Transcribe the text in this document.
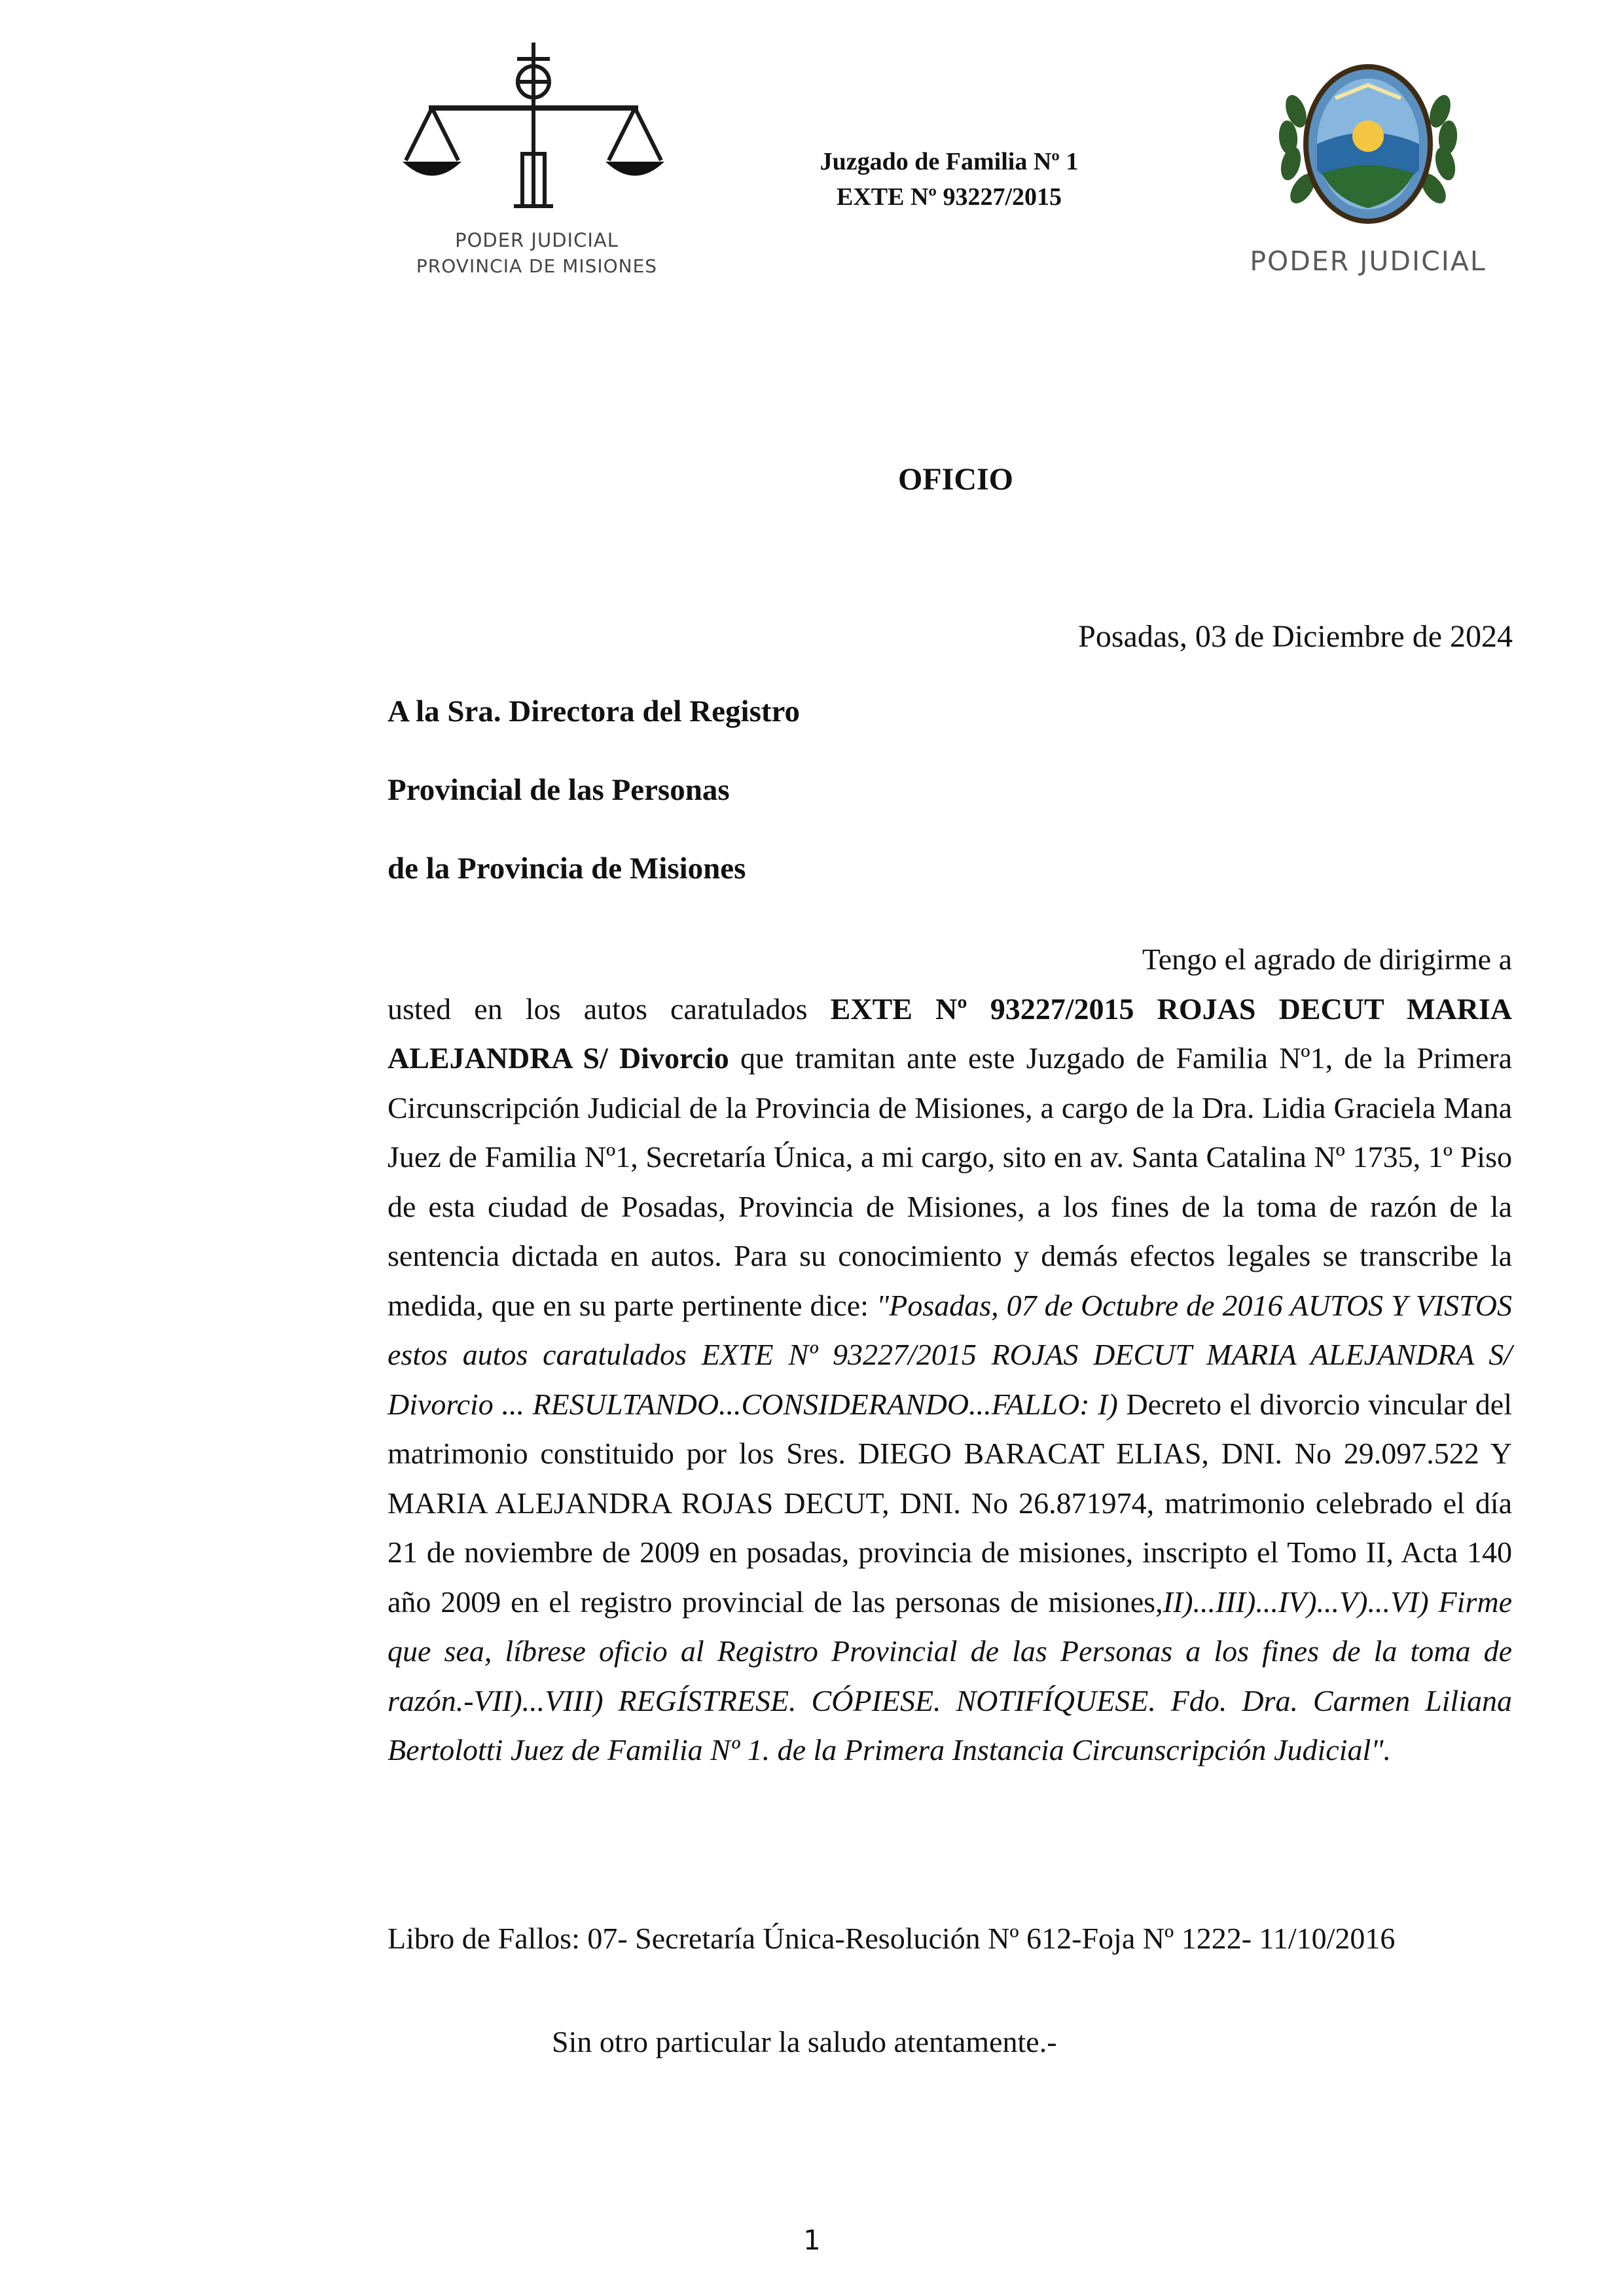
PODER JUDICIAL
PROVINCIA DE MISIONES
Juzgado de Familia Nº 1
EXTE Nº 93227/2015
PODER JUDICIAL
OFICIO
Posadas, 03 de Diciembre de 2024
A la Sra. Directora del Registro
Provincial de las Personas
de la Provincia de Misiones
Tengo el agrado de dirigirme a
usted en los autos caratulados EXTE Nº 93227/2015 ROJAS DECUT MARIA ALEJANDRA S/ Divorcio que tramitan ante este Juzgado de Familia Nº1, de la Primera Circunscripción Judicial de la Provincia de Misiones, a cargo de la Dra. Lidia Graciela Mana Juez de Familia Nº1, Secretaría Única, a mi cargo, sito en av. Santa Catalina Nº 1735, 1º Piso de esta ciudad de Posadas, Provincia de Misiones, a los fines de la toma de razón de la sentencia dictada en autos. Para su conocimiento y demás efectos legales se transcribe la medida, que en su parte pertinente dice: "Posadas, 07 de Octubre de 2016 AUTOS Y VISTOS estos autos caratulados EXTE Nº 93227/2015 ROJAS DECUT MARIA ALEJANDRA S/ Divorcio ... RESULTANDO...CONSIDERANDO...FALLO: I) Decreto el divorcio vincular del matrimonio constituido por los Sres. DIEGO BARACAT ELIAS, DNI. No 29.097.522 Y MARIA ALEJANDRA ROJAS DECUT, DNI. No 26.871974, matrimonio celebrado el día 21 de noviembre de 2009 en posadas, provincia de misiones, inscripto el Tomo II, Acta 140 año 2009 en el registro provincial de las personas de misiones,II)...III)...IV)...V)...VI) Firme que sea, líbrese oficio al Registro Provincial de las Personas a los fines de la toma de razón.-VII)...VIII) REGÍSTRESE. CÓPIESE. NOTIFÍQUESE. Fdo. Dra. Carmen Liliana Bertolotti Juez de Familia Nº 1. de la Primera Instancia Circunscripción Judicial".
Libro de Fallos: 07- Secretaría Única-Resolución Nº 612-Foja Nº 1222- 11/10/2016
Sin otro particular la saludo atentamente.-
1
